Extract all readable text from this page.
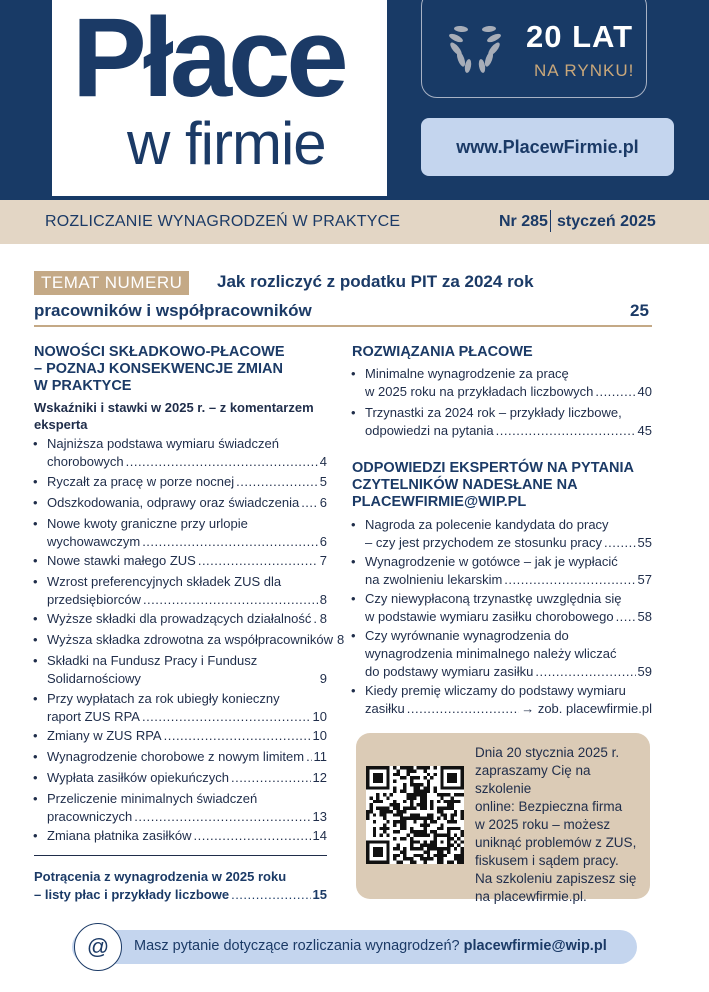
Płace
w firmie
20 LAT
NA RYNKU!
www.PlacewFirmie.pl
ROZLICZANIE WYNAGRODZEŃ W PRAKTYCE	Nr 285 styczeń 2025
TEMAT NUMERU	Jak rozliczyć z podatku PIT za 2024 rok
pracowników i współpracowników	25
NOWOŚCI SKŁADKOWO-PŁACOWE
– POZNAJ KONSEKWENCJE ZMIAN
W PRAKTYCE
Wskaźniki i stawki w 2025 r. – z komentarzem
eksperta
• Najniższa podstawa wymiaru świadczeń
chorobowych .....	4
• Ryczałt za pracę w porze nocnej .....	5
• Odszkodowania, odprawy oraz świadczenia ..... 6
• Nowe kwoty graniczne przy urlopie
wychowawczym .....	6
• Nowe stawki małego ZUS .....	7
• Wzrost preferencyjnych składek ZUS dla
przedsiębiorców .....	8
• Wyższe składki dla prowadzących działalność ..... 8
• Wyższa składka zdrowotna za współpracowników 8
• Składki na Fundusz Pracy i Fundusz
Solidarnościowy	9
• Przy wypłatach za rok ubiegły konieczny
raport ZUS RPA .....	10
• Zmiany w ZUS RPA .....	10
• Wynagrodzenie chorobowe z nowym limitem ..... 11
• Wypłata zasiłków opiekuńczych .....	12
• Przeliczenie minimalnych świadczeń
pracowniczych .....	13
• Zmiana płatnika zasiłków .....	14
Potrącenia z wynagrodzenia w 2025 roku
– listy płac i przykłady liczbowe .....	15
ROZWIĄZANIA PŁACOWE
• Minimalne wynagrodzenie za pracę
w 2025 roku na przykładach liczbowych .....	40
• Trzynastki za 2024 rok – przykłady liczbowe,
odpowiedzi na pytania .....	45
ODPOWIEDZI EKSPERTÓW NA PYTANIA
CZYTELNIKÓW NADESŁANE NA
PLACEWFIRMIE@WIP.PL
• Nagroda za polecenie kandydata do pracy
– czy jest przychodem ze stosunku pracy .....	55
• Wynagrodzenie w gotówce – jak je wypłacić
na zwolnieniu lekarskim .....	57
• Czy niewypłaconą trzynastkę uwzględnia się
w podstawie wymiaru zasiłku chorobowego ..... 58
• Czy wyrównanie wynagrodzenia do
wynagrodzenia minimalnego należy wliczać
do podstawy wymiaru zasiłku .....	59
• Kiedy premię wliczamy do podstawy wymiaru
zasiłku .....	→ zob. placewfirmie.pl
Dnia 20 stycznia 2025 r.
zapraszamy Cię na szkolenie
online: Bezpieczna firma
w 2025 roku – możesz
uniknąć problemów z ZUS,
fiskusem i sądem pracy.
Na szkoleniu zapiszesz się
na placewfirmie.pl.
@	Masz pytanie dotyczące rozliczania wynagrodzeń? placewfirmie@wip.pl
